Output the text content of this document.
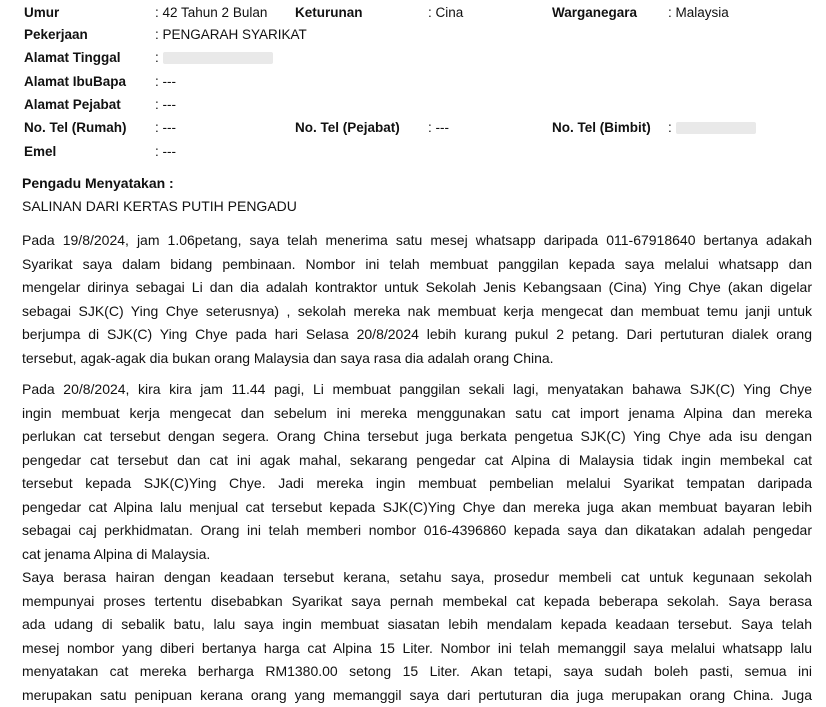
Umur	: 42 Tahun 2 Bulan Keturunan	: Cina	Warganegara : Malaysia
Pekerjaan	: PENGARAH SYARIKAT
Alamat Tinggal	:
Alamat IbuBapa : ---
Alamat Pejabat	: ---
No. Tel (Rumah) : ---	No. Tel (Pejabat) : ---	No. Tel (Bimbit) :
Emel	: ---
Pengadu Menyatakan :
SALINAN DARI KERTAS PUTIH PENGADU
Pada 19/8/2024, jam 1.06petang, saya telah menerima satu mesej whatsapp daripada 011-67918640 bertanya adakah
Syarikat saya dalam bidang pembinaan. Nombor ini telah membuat panggilan kepada saya melalui whatsapp dan
mengelar dirinya sebagai Li dan dia adalah kontraktor untuk Sekolah Jenis Kebangsaan (Cina) Ying Chye (akan digelar
sebagai SJK(C) Ying Chye seterusnya) , sekolah mereka nak membuat kerja mengecat dan membuat temu janji untuk
berjumpa di SJK(C) Ying Chye pada hari Selasa 20/8/2024 lebih kurang pukul 2 petang. Dari pertuturan dialek orang
tersebut, agak-agak dia bukan orang Malaysia dan saya rasa dia adalah orang China.
Pada 20/8/2024, kira kira jam 11.44 pagi, Li membuat panggilan sekali lagi, menyatakan bahawa SJK(C) Ying Chye
ingin membuat kerja mengecat dan sebelum ini mereka menggunakan satu cat import jenama Alpina dan mereka
perlukan cat tersebut dengan segera. Orang China tersebut juga berkata pengetua SJK(C) Ying Chye ada isu dengan
pengedar cat tersebut dan cat ini agak mahal, sekarang pengedar cat Alpina di Malaysia tidak ingin membekal cat
tersebut kepada SJK(C)Ying Chye. Jadi mereka ingin membuat pembelian melalui Syarikat tempatan daripada
pengedar cat Alpina lalu menjual cat tersebut kepada SJK(C)Ying Chye dan mereka juga akan membuat bayaran lebih
sebagai caj perkhidmatan. Orang ini telah memberi nombor 016-4396860 kepada saya dan dikatakan adalah pengedar
cat jenama Alpina di Malaysia.
Saya berasa hairan dengan keadaan tersebut kerana, setahu saya, prosedur membeli cat untuk kegunaan sekolah
mempunyai proses tertentu disebabkan Syarikat saya pernah membekal cat kepada beberapa sekolah. Saya berasa
ada udang di sebalik batu, lalu saya ingin membuat siasatan lebih mendalam kepada keadaan tersebut. Saya telah
mesej nombor yang diberi bertanya harga cat Alpina 15 Liter. Nombor ini telah memanggil saya melalui whatsapp lalu
menyatakan cat mereka berharga RM1380.00 setong 15 Liter. Akan tetapi, saya sudah boleh pasti, semua ini
merupakan satu penipuan kerana orang yang memanggil saya dari pertuturan dia juga merupakan orang China. Juga
